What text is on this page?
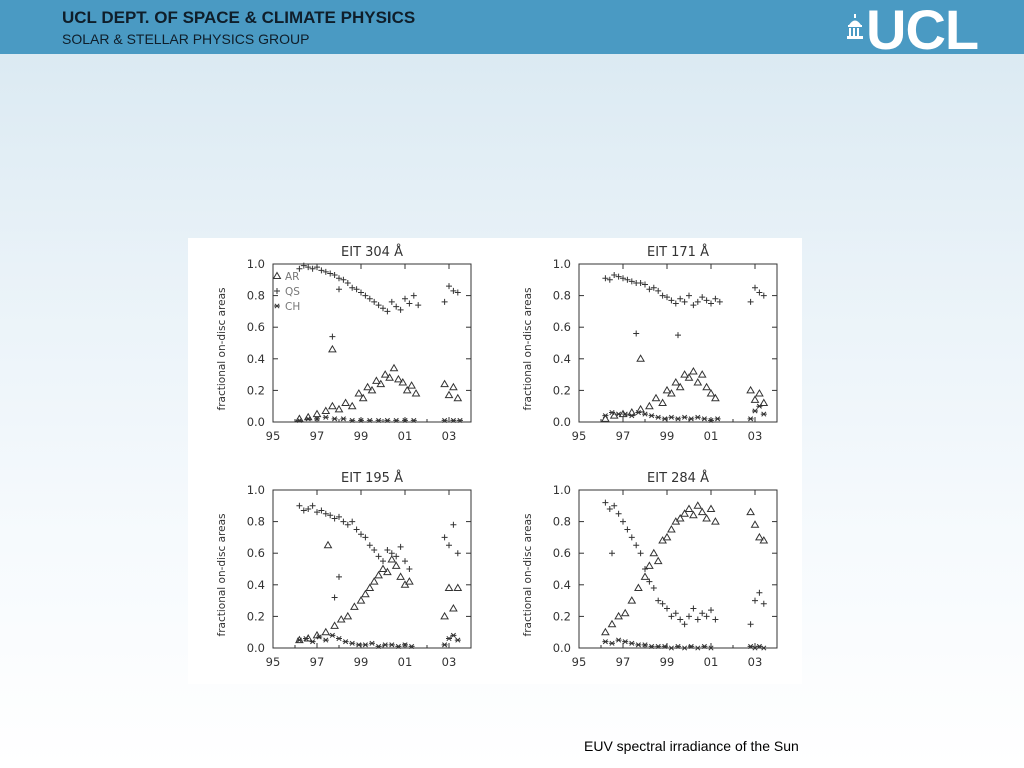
UCL DEPT. OF SPACE & CLIMATE PHYSICS
SOLAR & STELLAR PHYSICS GROUP	UCL
EIT 304 Å
fractional on-disc areas
0.0
0.2
0.4
0.6
0.8
1.0
95	97	99	01	03
AR
QS
CH
EIT 171 Å
fractional on-disc areas
0.0
0.2
0.4
0.6
0.8
1.0
95	97	99	01	03
EIT 195 Å
fractional on-disc areas
0.0
0.2
0.4
0.6
0.8
1.0
95	97	99	01	03
EIT 284 Å
fractional on-disc areas
0.0
0.2
0.4
0.6
0.8
1.0
95	97	99	01	03
EUV spectral irradiance of the Sun
